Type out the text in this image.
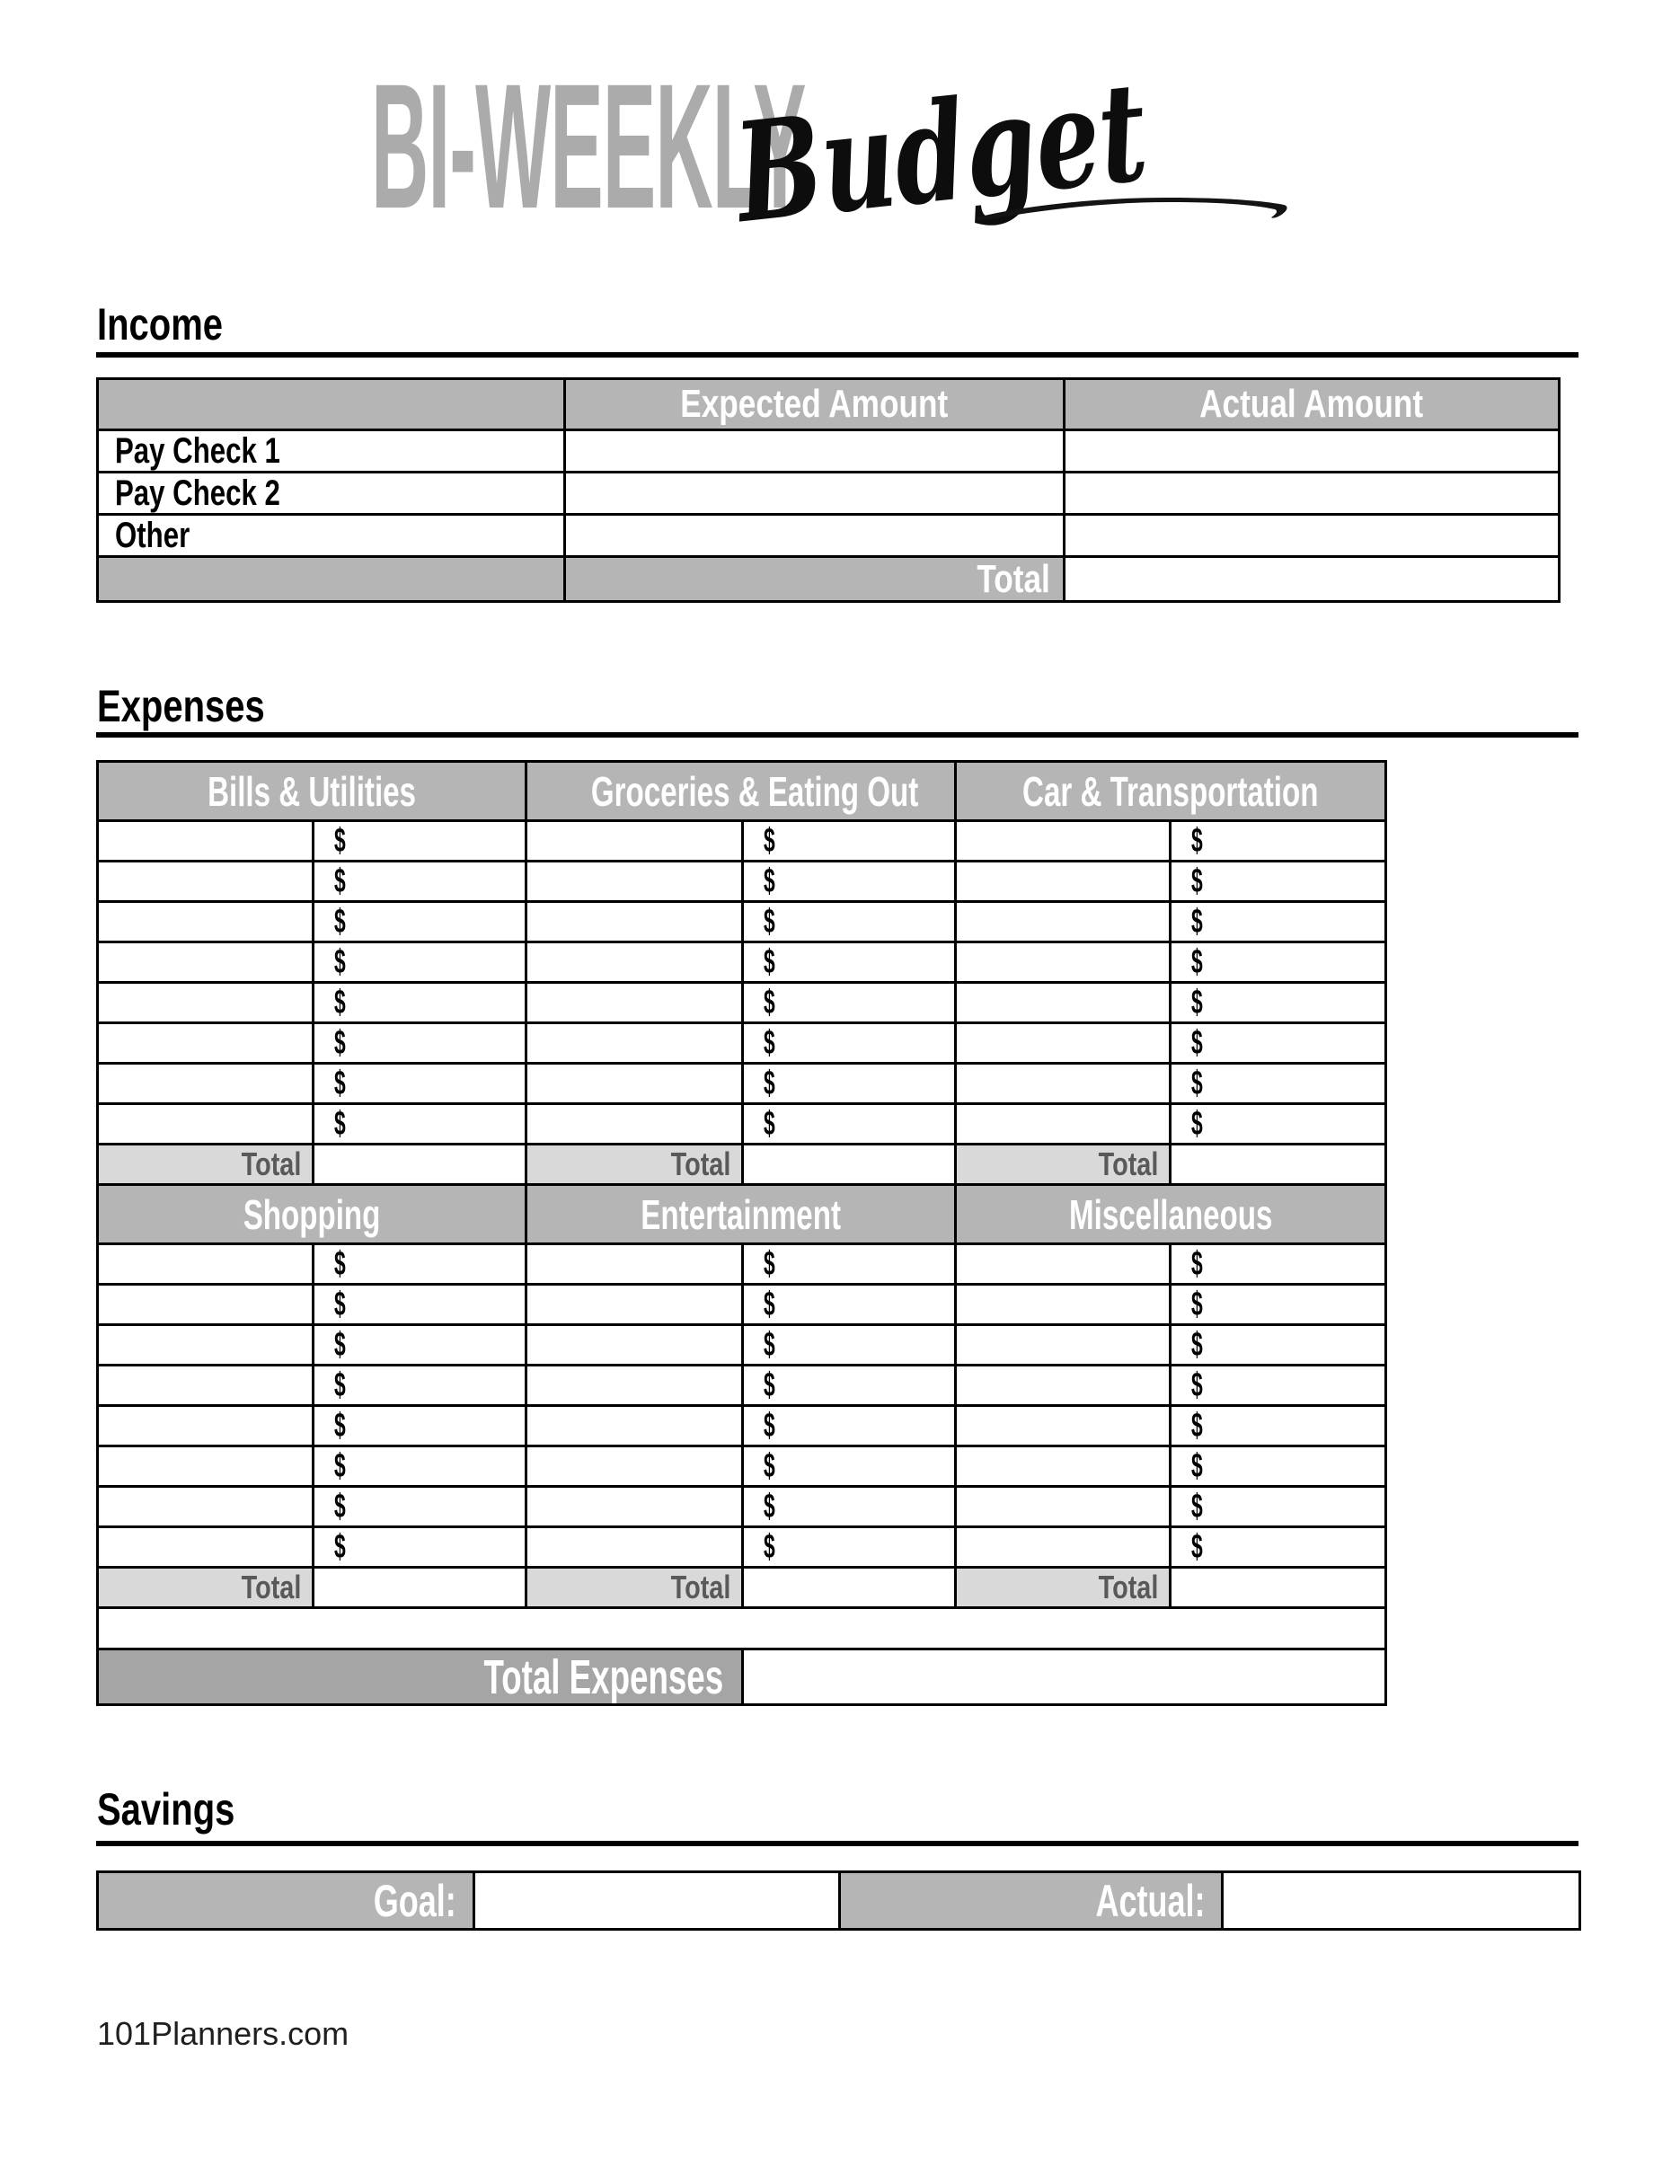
BI-WEEKLY
Budget
Income
	Expected Amount	Actual Amount
Pay Check 1		
Pay Check 2		
Other		
	Total	
Expenses
Bills & Utilities		Groceries & Eating Out		Car & Transportation	
	$		$		$
	$		$		$
	$		$		$
	$		$		$
	$		$		$
	$		$		$
	$		$		$
	$		$		$
Total		Total		Total	
Shopping		Entertainment		Miscellaneous	
	$		$		$
	$		$		$
	$		$		$
	$		$		$
	$		$		$
	$		$		$
	$		$		$
	$		$		$
Total		Total		Total	

Total Expenses					
Savings
Goal:		Actual:	
101Planners.com
